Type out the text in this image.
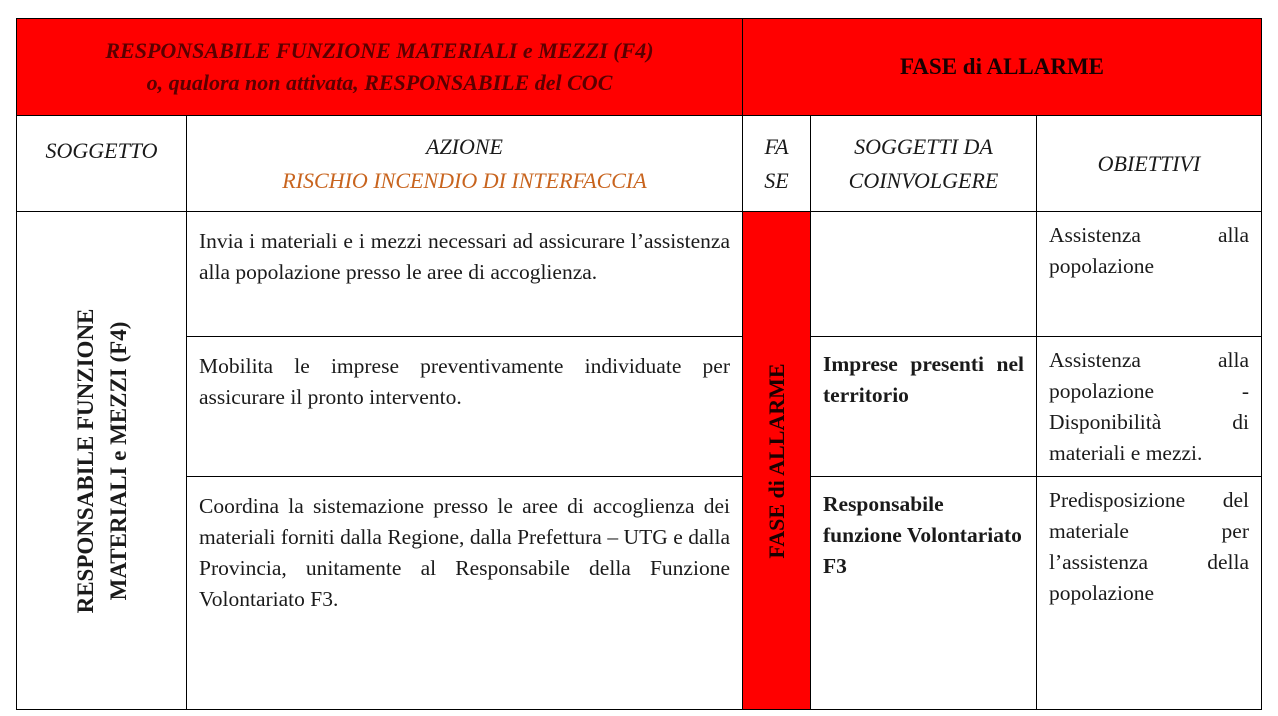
RESPONSABILE FUNZIONE MATERIALI e MEZZI (F4)
o, qualora non attivata, RESPONSABILE del COC
FASE di ALLARME
SOGGETTO	AZIONE
RISCHIO INCENDIO DI INTERFACCIA
FA
SE
SOGGETTI DA
COINVOLGERE
OBIETTIVI
RESPONSABILE FUNZIONE MATERIALI e MEZZI (F4)	FASE di ALLARME
Invia i materiali e i mezzi necessari ad assicurare l’assistenza alla popolazione presso le aree di accoglienza.
Assistenza alla popolazione
Mobilita le imprese preventivamente individuate per assicurare il pronto intervento.
Imprese presenti nel territorio
Assistenza alla popolazione - Disponibilità di materiali e mezzi.
Coordina la sistemazione presso le aree di accoglienza dei materiali forniti dalla Regione, dalla Prefettura – UTG e dalla Provincia, unitamente al Responsabile della Funzione Volontariato F3.
Responsabile funzione Volontariato F3
Predisposizione del materiale per l’assistenza della popolazione
